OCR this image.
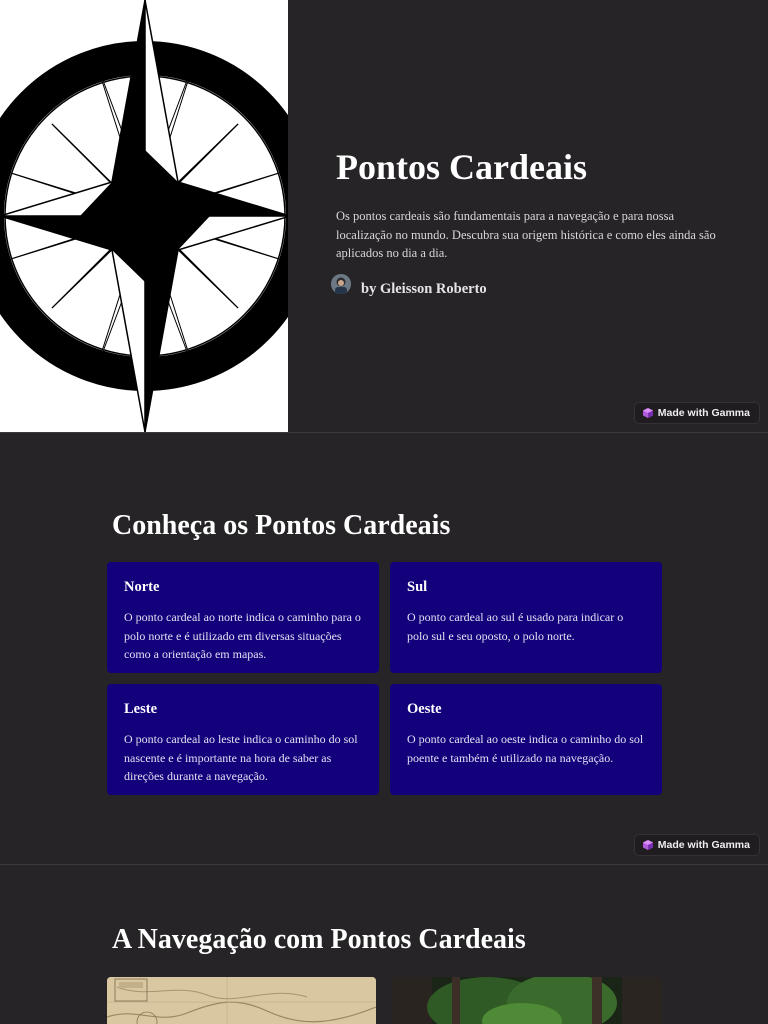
Pontos Cardeais

Os pontos cardeais são fundamentais para a navegação e para nossa localização no mundo. Descubra sua origem histórica e como eles ainda são aplicados no dia a dia.

by Gleisson Roberto
Made with Gamma
Conheça os Pontos Cardeais
Norte

O ponto cardeal ao norte indica o caminho para o polo norte e é utilizado em diversas situações como a orientação em mapas.

Sul

O ponto cardeal ao sul é usado para indicar o polo sul e seu oposto, o polo norte.

Leste

O ponto cardeal ao leste indica o caminho do sol nascente e é importante na hora de saber as direções durante a navegação.

Oeste

O ponto cardeal ao oeste indica o caminho do sol poente e também é utilizado na navegação.

Made with Gamma
A Navegação com Pontos Cardeais
